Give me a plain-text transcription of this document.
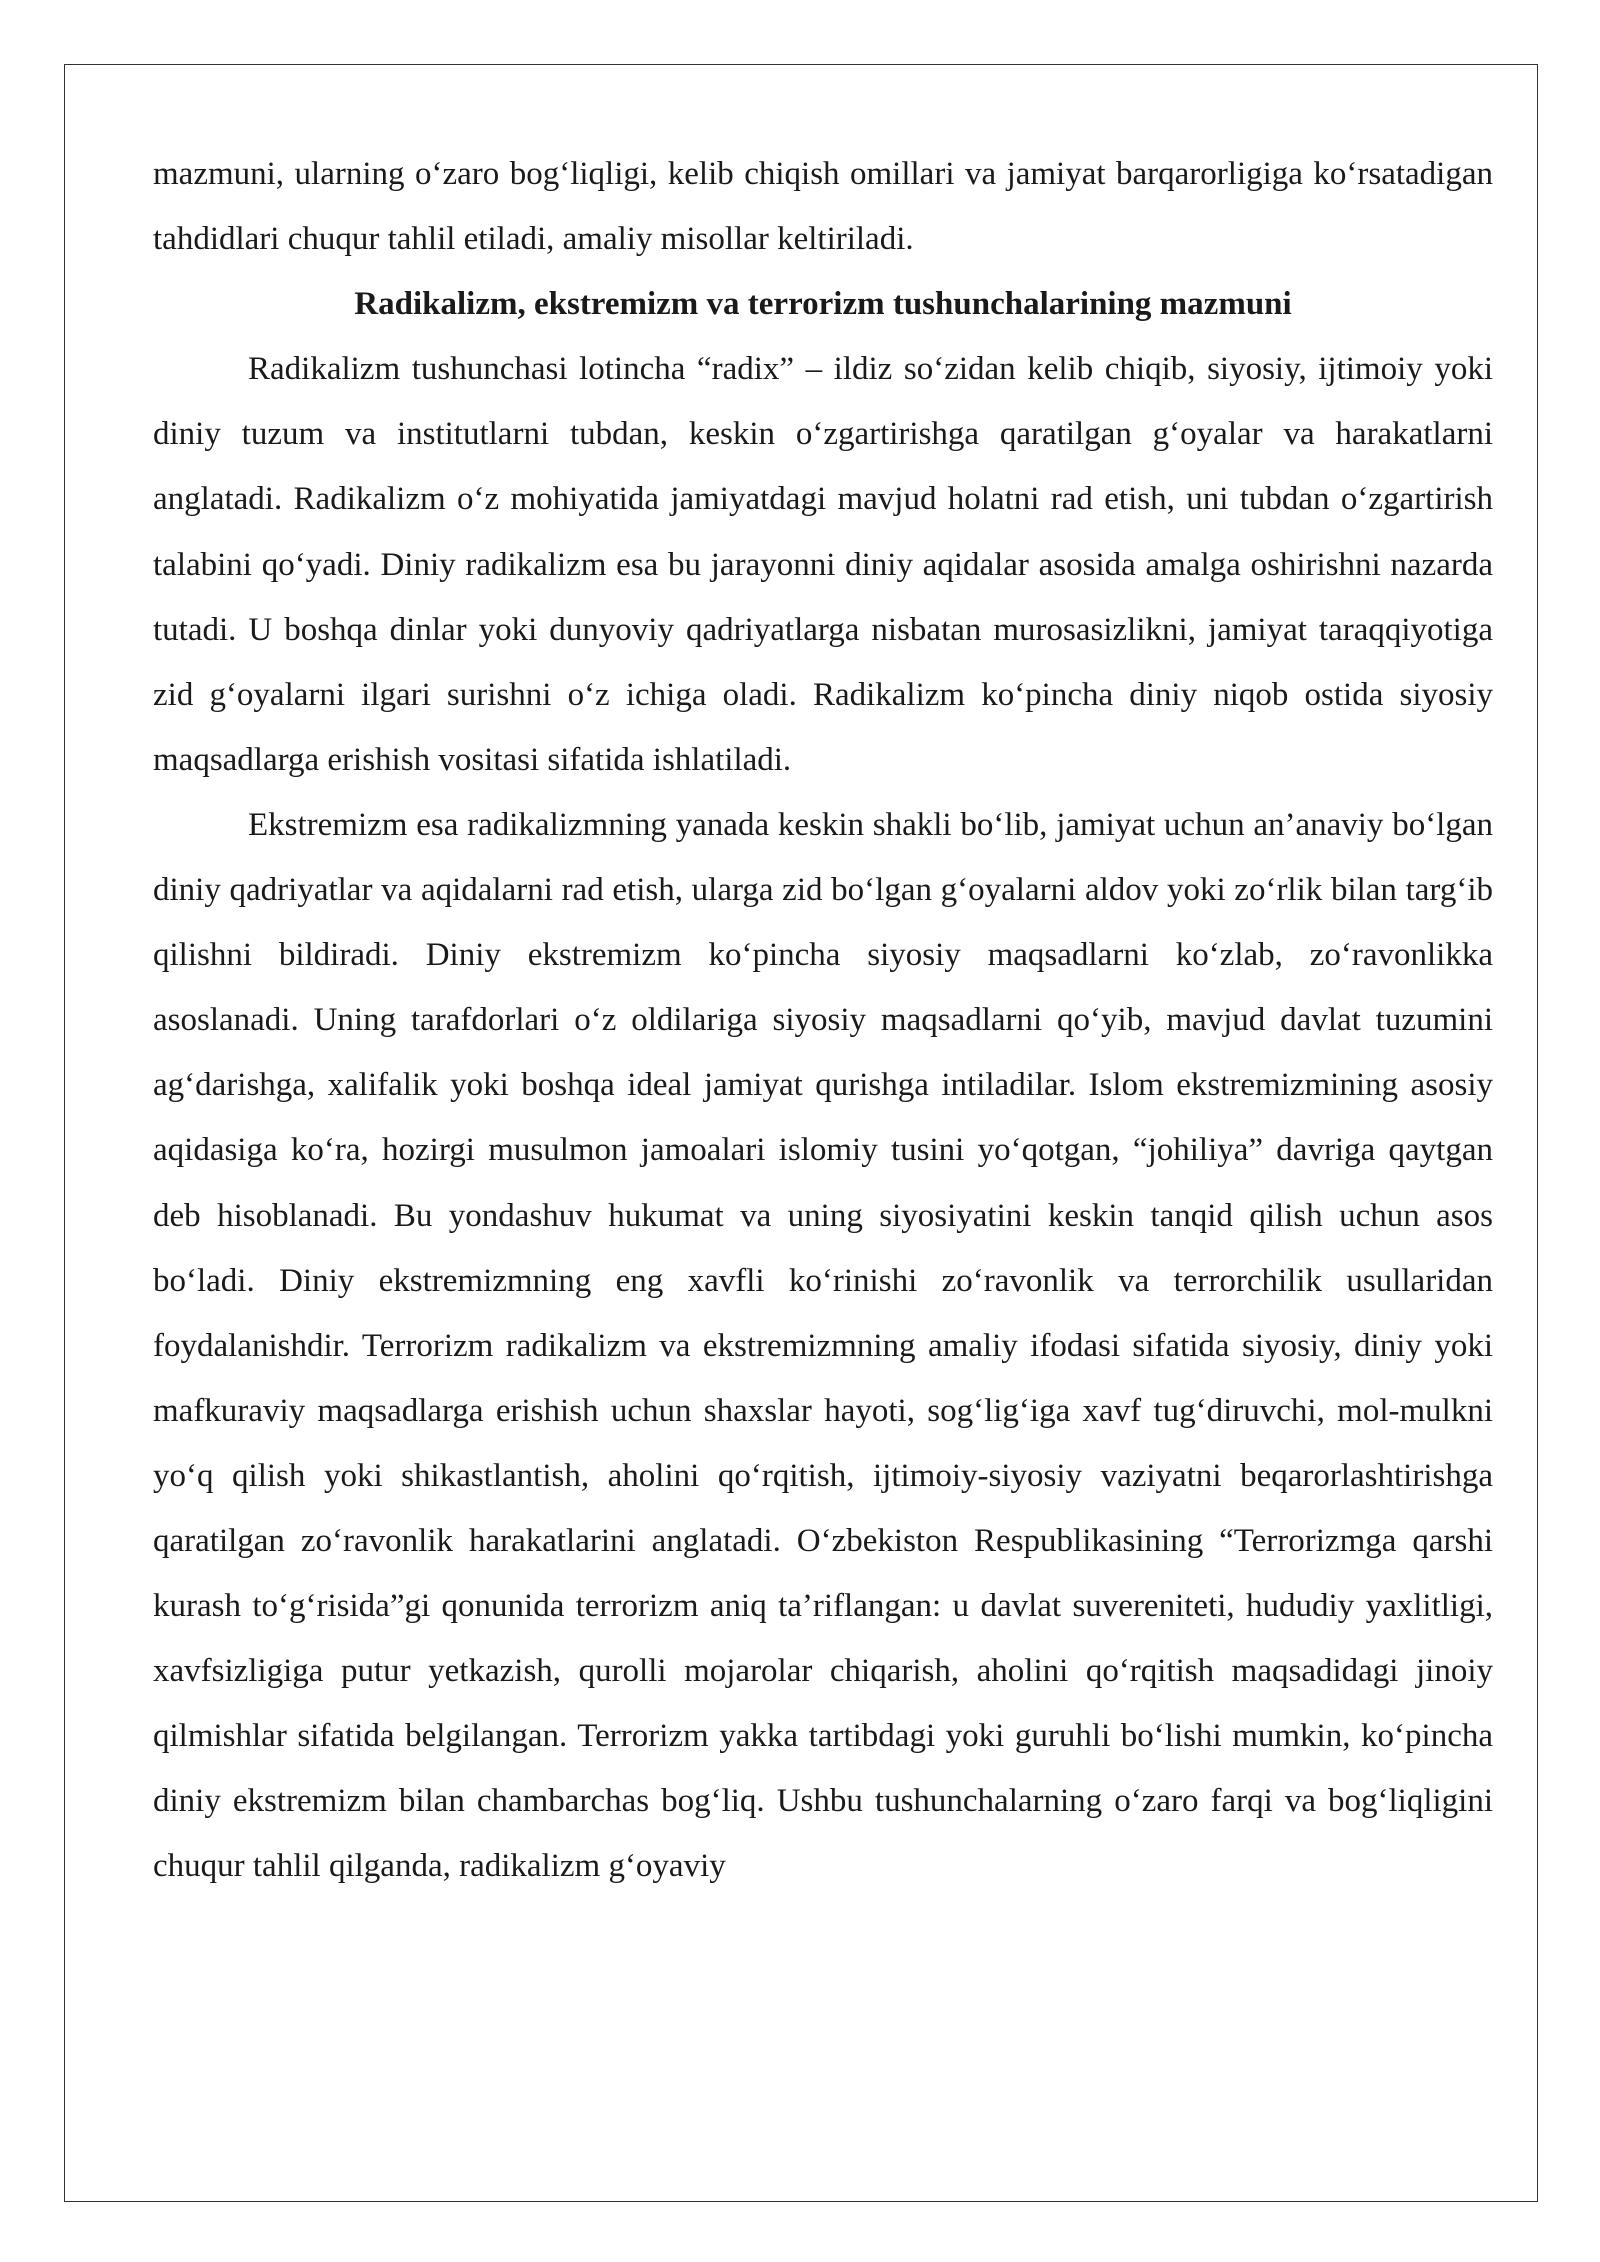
mazmuni, ularning o‘zaro bog‘liqligi, kelib chiqish omillari va jamiyat barqarorligiga ko‘rsatadigan tahdidlari chuqur tahlil etiladi, amaliy misollar keltiriladi.

Radikalizm, ekstremizm va terrorizm tushunchalarining mazmuni

Radikalizm tushunchasi lotincha “radix” – ildiz so‘zidan kelib chiqib, siyosiy, ijtimoiy yoki diniy tuzum va institutlarni tubdan, keskin o‘zgartirishga qaratilgan g‘oyalar va harakatlarni anglatadi. Radikalizm o‘z mohiyatida jamiyatdagi mavjud holatni rad etish, uni tubdan o‘zgartirish talabini qo‘yadi. Diniy radikalizm esa bu jarayonni diniy aqidalar asosida amalga oshirishni nazarda tutadi. U boshqa dinlar yoki dunyoviy qadriyatlarga nisbatan murosasizlikni, jamiyat taraqqiyotiga zid g‘oyalarni ilgari surishni o‘z ichiga oladi. Radikalizm ko‘pincha diniy niqob ostida siyosiy maqsadlarga erishish vositasi sifatida ishlatiladi.

Ekstremizm esa radikalizmning yanada keskin shakli bo‘lib, jamiyat uchun an’anaviy bo‘lgan diniy qadriyatlar va aqidalarni rad etish, ularga zid bo‘lgan g‘oyalarni aldov yoki zo‘rlik bilan targ‘ib qilishni bildiradi. Diniy ekstremizm ko‘pincha siyosiy maqsadlarni ko‘zlab, zo‘ravonlikka asoslanadi. Uning tarafdorlari o‘z oldilariga siyosiy maqsadlarni qo‘yib, mavjud davlat tuzumini ag‘darishga, xalifalik yoki boshqa ideal jamiyat qurishga intiladilar. Islom ekstremizmining asosiy aqidasiga ko‘ra, hozirgi musulmon jamoalari islomiy tusini yo‘qotgan, “johiliya” davriga qaytgan deb hisoblanadi. Bu yondashuv hukumat va uning siyosiyatini keskin tanqid qilish uchun asos bo‘ladi. Diniy ekstremizmning eng xavfli ko‘rinishi zo‘ravonlik va terrorchilik usullaridan foydalanishdir. Terrorizm radikalizm va ekstremizmning amaliy ifodasi sifatida siyosiy, diniy yoki mafkuraviy maqsadlarga erishish uchun shaxslar hayoti, sog‘lig‘iga xavf tug‘diruvchi, mol-mulkni yo‘q qilish yoki shikastlantish, aholini qo‘rqitish, ijtimoiy-siyosiy vaziyatni beqarorlashtirishga qaratilgan zo‘ravonlik harakatlarini anglatadi. O‘zbekiston Respublikasining “Terrorizmga qarshi kurash to‘g‘risida”gi qonunida terrorizm aniq ta’riflangan: u davlat suvereniteti, hududiy yaxlitligi, xavfsizligiga putur yetkazish, qurolli mojarolar chiqarish, aholini qo‘rqitish maqsadidagi jinoiy qilmishlar sifatida belgilangan. Terrorizm yakka tartibdagi yoki guruhli bo‘lishi mumkin, ko‘pincha diniy ekstremizm bilan chambarchas bog‘liq. Ushbu tushunchalarning o‘zaro farqi va bog‘liqligini chuqur tahlil qilganda, radikalizm g‘oyaviy
